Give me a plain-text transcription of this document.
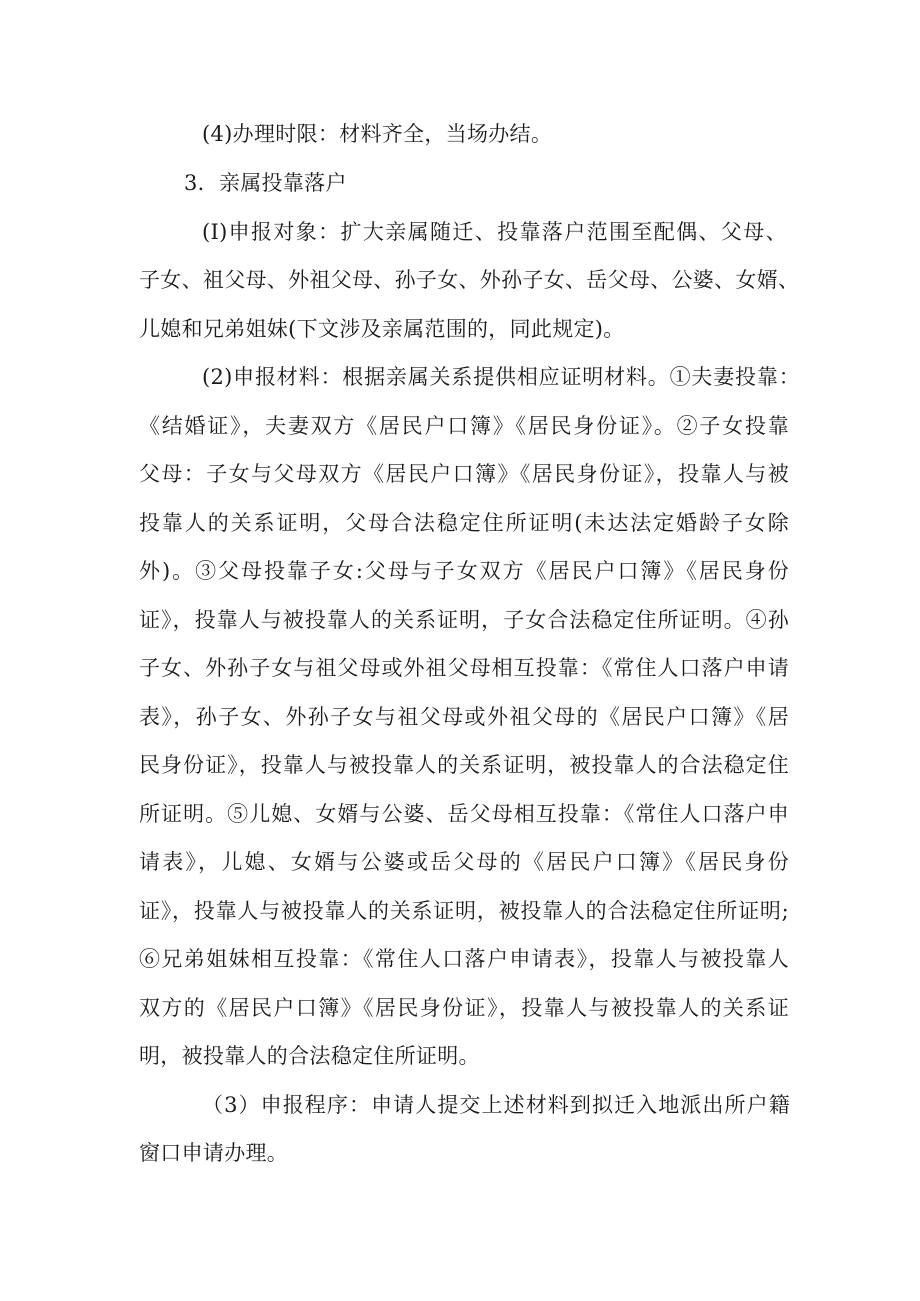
(4)办理时限：材料齐全，当场办结。
3．亲属投靠落户
(I)申报对象：扩大亲属随迁、投靠落户范围至配偶、父母、
子女、祖父母、外祖父母、孙子女、外孙子女、岳父母、公婆、女婿、
儿媳和兄弟姐妹(下文涉及亲属范围的，同此规定)。
(2)申报材料：根据亲属关系提供相应证明材料。①夫妻投靠：
《结婚证》，夫妻双方《居民户口簿》《居民身份证》。②子女投靠
父母：子女与父母双方《居民户口簿》《居民身份证》，投靠人与被
投靠人的关系证明，父母合法稳定住所证明(未达法定婚龄子女除
外)。③父母投靠子女:父母与子女双方《居民户口簿》《居民身份
证》，投靠人与被投靠人的关系证明，子女合法稳定住所证明。④孙
子女、外孙子女与祖父母或外祖父母相互投靠：《常住人口落户申请
表》，孙子女、外孙子女与祖父母或外祖父母的《居民户口簿》《居
民身份证》，投靠人与被投靠人的关系证明，被投靠人的合法稳定住
所证明。⑤儿媳、女婿与公婆、岳父母相互投靠：《常住人口落户申
请表》，儿媳、女婿与公婆或岳父母的《居民户口簿》《居民身份
证》，投靠人与被投靠人的关系证明，被投靠人的合法稳定住所证明;
⑥兄弟姐妹相互投靠：《常住人口落户申请表》，投靠人与被投靠人
双方的《居民户口簿》《居民身份证》，投靠人与被投靠人的关系证
明，被投靠人的合法稳定住所证明。
（3）申报程序：申请人提交上述材料到拟迁入地派出所户籍
窗口申请办理。
